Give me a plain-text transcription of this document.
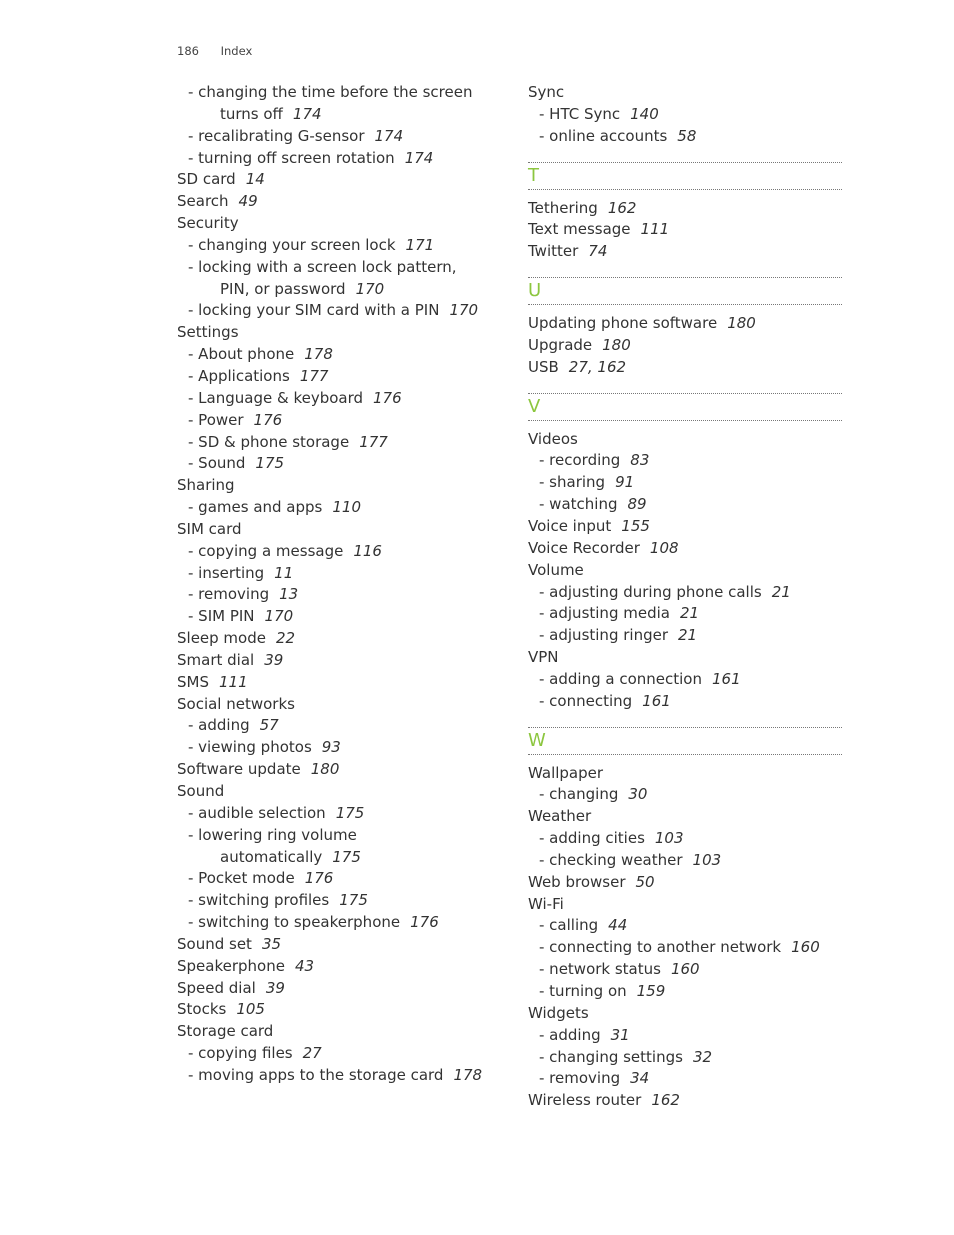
186 Index
- changing the time before the screen
turns off 174
- recalibrating G-sensor 174
- turning off screen rotation 174
SD card 14
Search 49
Security
- changing your screen lock 171
- locking with a screen lock pattern,
PIN, or password 170
- locking your SIM card with a PIN 170
Settings
- About phone 178
- Applications 177
- Language & keyboard 176
- Power 176
- SD & phone storage 177
- Sound 175
Sharing
- games and apps 110
SIM card
- copying a message 116
- inserting 11
- removing 13
- SIM PIN 170
Sleep mode 22
Smart dial 39
SMS 111
Social networks
- adding 57
- viewing photos 93
Software update 180
Sound
- audible selection 175
- lowering ring volume
automatically 175
- Pocket mode 176
- switching profiles 175
- switching to speakerphone 176
Sound set 35
Speakerphone 43
Speed dial 39
Stocks 105
Storage card
- copying files 27
- moving apps to the storage card 178
Sync
- HTC Sync 140
- online accounts 58
T
Tethering 162
Text message 111
Twitter 74
U
Updating phone software 180
Upgrade 180
USB 27, 162
V
Videos
- recording 83
- sharing 91
- watching 89
Voice input 155
Voice Recorder 108
Volume
- adjusting during phone calls 21
- adjusting media 21
- adjusting ringer 21
VPN
- adding a connection 161
- connecting 161
W
Wallpaper
- changing 30
Weather
- adding cities 103
- checking weather 103
Web browser 50
Wi-Fi
- calling 44
- connecting to another network 160
- network status 160
- turning on 159
Widgets
- adding 31
- changing settings 32
- removing 34
Wireless router 162
